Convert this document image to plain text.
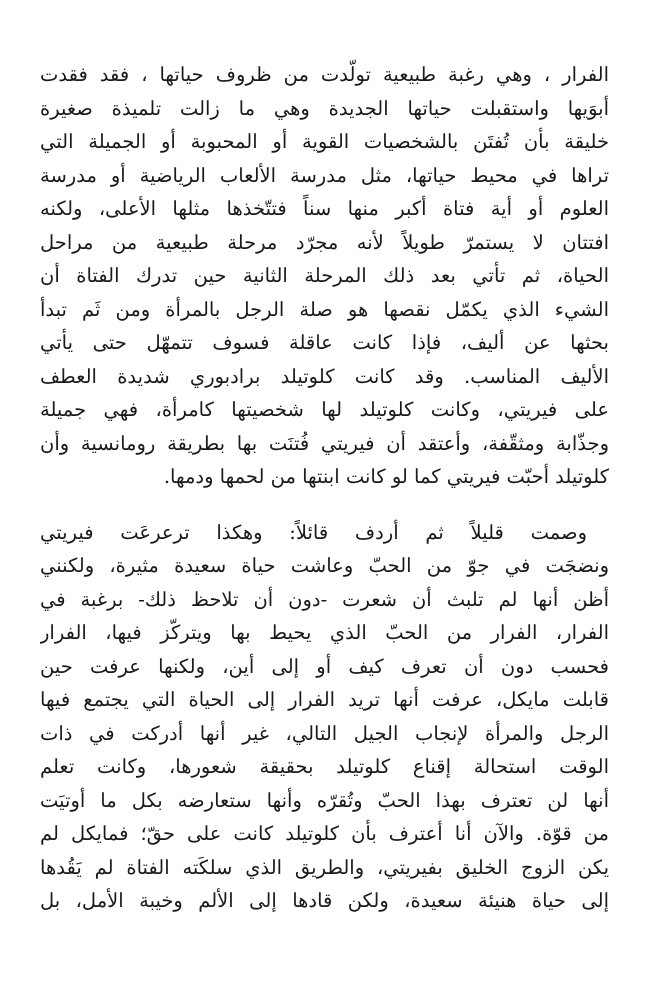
الفرار ، وهي رغبة طبيعية تولّدت من ظروف حياتها ، فقد فقدت
أبوَيها واستقبلت حياتها الجديدة وهي ما زالت تلميذة صغيرة
خليقة بأن تُفتَن بالشخصيات القوية أو المحبوبة أو الجميلة التي
تراها في محيط حياتها، مثل مدرسة الألعاب الرياضية أو مدرسة
العلوم أو أية فتاة أكبر منها سناً فتتّخذها مثلها الأعلى، ولكنه
افتتان لا يستمرّ طويلاً لأنه مجرّد مرحلة طبيعية من مراحل
الحياة، ثم تأتي بعد ذلك المرحلة الثانية حين تدرك الفتاة أن
الشيء الذي يكمّل نقصها هو صلة الرجل بالمرأة ومن ثَم تبدأ
بحثها عن أليف، فإذا كانت عاقلة فسوف تتمهّل حتى يأتي
الأليف المناسب. وقد كانت كلوتيلد برادبوري شديدة العطف
على فيريتي، وكانت كلوتيلد لها شخصيتها كامرأة، فهي جميلة
وجذّابة ومثقّفة، وأعتقد أن فيريتي فُتنَت بها بطريقة رومانسية وأن
كلوتيلد أحبّت فيريتي كما لو كانت ابنتها من لحمها ودمها.

وصمت قليلاً ثم أردف قائلاً: وهكذا ترعرعَت فيريتي
ونضجَت في جوّ من الحبّ وعاشت حياة سعيدة مثيرة، ولكنني
أظن أنها لم تلبث أن شعرت -دون أن تلاحظ ذلك- برغبة في
الفرار، الفرار من الحبّ الذي يحيط بها ويتركّز فيها، الفرار
فحسب دون أن تعرف كيف أو إلى أين، ولكنها عرفت حين
قابلت مايكل، عرفت أنها تريد الفرار إلى الحياة التي يجتمع فيها
الرجل والمرأة لإنجاب الجيل التالي، غير أنها أدركت في ذات
الوقت استحالة إقناع كلوتيلد بحقيقة شعورها، وكانت تعلم
أنها لن تعترف بهذا الحبّ وتُقرّه وأنها ستعارضه بكل ما أوتيَت
من قوّة. والآن أنا أعترف بأن كلوتيلد كانت على حقّ؛ فمايكل لم
يكن الزوج الخليق بفيريتي، والطريق الذي سلكَته الفتاة لم يَقُدها
إلى حياة هنيئة سعيدة، ولكن قادها إلى الألم وخيبة الأمل، بل
